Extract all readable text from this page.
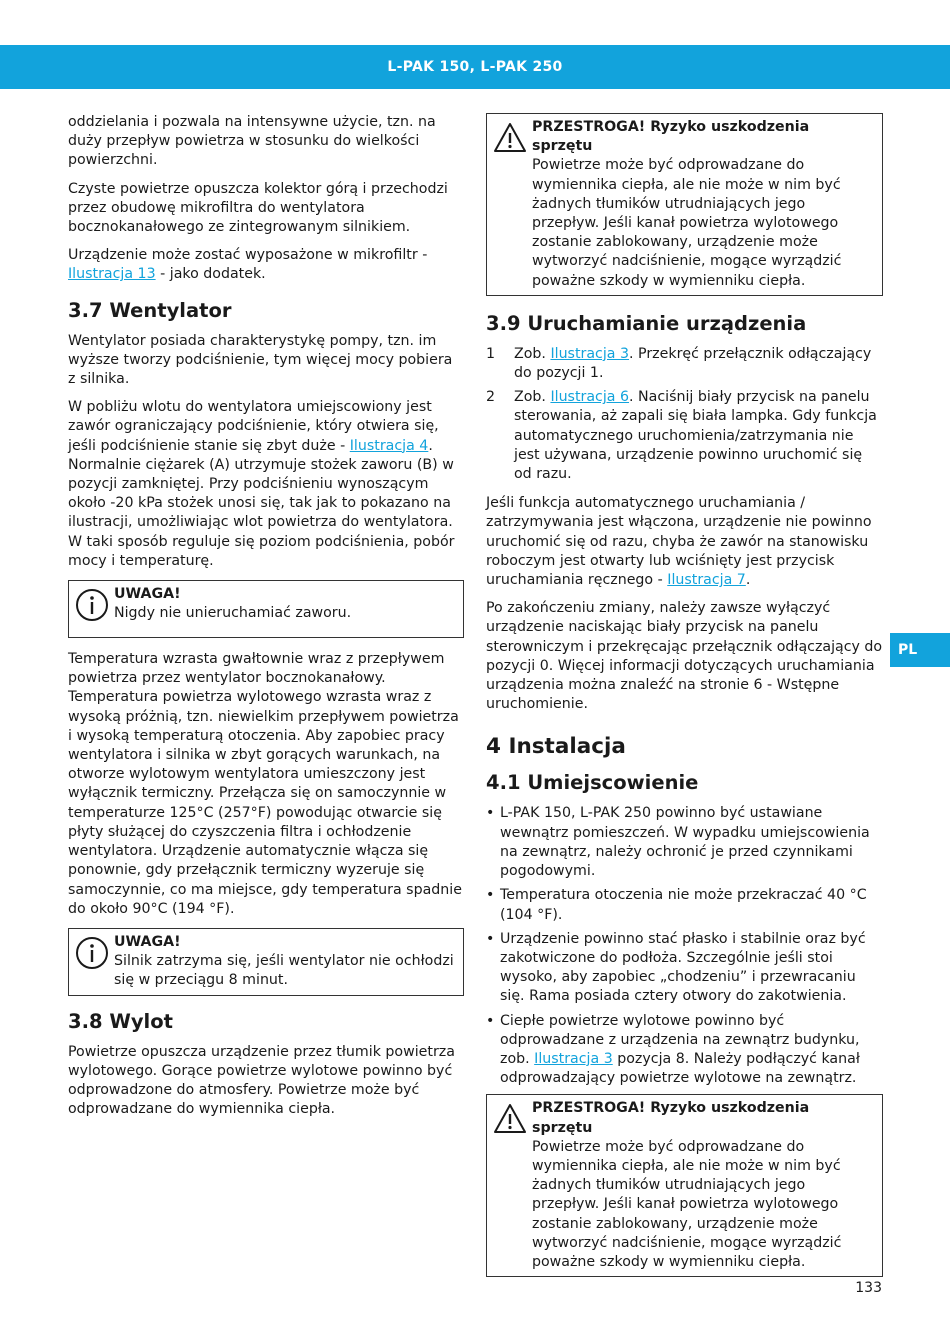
L-PAK 150, L-PAK 250
PL

oddzielania i pozwala na intensywne użycie, tzn. na duży przepływ powietrza w stosunku do wielkości powierzchni.

Czyste powietrze opuszcza kolektor górą i przechodzi przez obudowę mikrofiltra do wentylatora bocznokanałowego ze zintegrowanym silnikiem.

Urządzenie może zostać wyposażone w mikrofiltr - Ilustracja 13 - jako dodatek.

3.7 Wentylator

Wentylator posiada charakterystykę pompy, tzn. im wyższe tworzy podciśnienie, tym więcej mocy pobiera z silnika.

W pobliżu wlotu do wentylatora umiejscowiony jest zawór ograniczający podciśnienie, który otwiera się, jeśli podciśnienie stanie się zbyt duże - Ilustracja 4. Normalnie ciężarek (A) utrzymuje stożek zaworu (B) w pozycji zamkniętej. Przy podciśnieniu wynoszącym około -20 kPa stożek unosi się, tak jak to pokazano na ilustracji, umożliwiając wlot powietrza do wentylatora. W taki sposób reguluje się poziom podciśnienia, pobór mocy i temperaturę.

UWAGA!
Nigdy nie unieruchamiać zaworu.

Temperatura wzrasta gwałtownie wraz z przepływem powietrza przez wentylator bocznokanałowy. Temperatura powietrza wylotowego wzrasta wraz z wysoką próżnią, tzn. niewielkim przepływem powietrza i wysoką temperaturą otoczenia. Aby zapobiec pracy wentylatora i silnika w zbyt gorących warunkach, na otworze wylotowym wentylatora umieszczony jest wyłącznik termiczny. Przełącza się on samoczynnie w temperaturze 125°C (257°F) powodując otwarcie się płyty służącej do czyszczenia filtra i ochłodzenie wentylatora. Urządzenie automatycznie włącza się ponownie, gdy przełącznik termiczny wyzeruje się samoczynnie, co ma miejsce, gdy temperatura spadnie do około 90°C (194 °F).

UWAGA!
Silnik zatrzyma się, jeśli wentylator nie ochłodzi się w przeciągu 8 minut.
3.8 Wylot

Powietrze opuszcza urządzenie przez tłumik powietrza wylotowego. Gorące powietrze wylotowe powinno być odprowadzone do atmosfery. Powietrze może być odprowadzane do wymiennika ciepła.

PRZESTROGA! Ryzyko uszkodzenia sprzętu
Powietrze może być odprowadzane do wymiennika ciepła, ale nie może w nim być żadnych tłumików utrudniających jego przepływ. Jeśli kanał powietrza wylotowego zostanie zablokowany, urządzenie może wytworzyć nadciśnienie, mogące wyrządzić poważne szkody w wymienniku ciepła.
3.9 Uruchamianie urządzenia
1 Zob. Ilustracja 3. Przekręć przełącznik odłączający do pozycji 1.
2 Zob. Ilustracja 6. Naciśnij biały przycisk na panelu sterowania, aż zapali się biała lampka. Gdy funkcja automatycznego uruchomienia/zatrzymania nie jest używana, urządzenie powinno uruchomić się od razu.

Jeśli funkcja automatycznego uruchamiania / zatrzymywania jest włączona, urządzenie nie powinno uruchomić się od razu, chyba że zawór na stanowisku roboczym jest otwarty lub wciśnięty jest przycisk uruchamiania ręcznego - Ilustracja 7.

Po zakończeniu zmiany, należy zawsze wyłączyć urządzenie naciskając biały przycisk na panelu sterowniczym i przekręcając przełącznik odłączający do pozycji 0. Więcej informacji dotyczących uruchamiania urządzenia można znaleźć na stronie 6 - Wstępne uruchomienie.

4 Instalacja
4.1 Umiejscowienie
• L-PAK 150, L-PAK 250 powinno być ustawiane wewnątrz pomieszczeń. W wypadku umiejscowienia na zewnątrz, należy ochronić je przed czynnikami pogodowymi.
• Temperatura otoczenia nie może przekraczać 40 °C (104 °F).
• Urządzenie powinno stać płasko i stabilnie oraz być zakotwiczone do podłoża. Szczególnie jeśli stoi wysoko, aby zapobiec „chodzeniu” i przewracaniu się. Rama posiada cztery otwory do zakotwienia.
• Ciepłe powietrze wylotowe powinno być odprowadzane z urządzenia na zewnątrz budynku, zob. Ilustracja 3 pozycja 8. Należy podłączyć kanał odprowadzający powietrze wylotowe na zewnątrz.
PRZESTROGA! Ryzyko uszkodzenia sprzętu
Powietrze może być odprowadzane do wymiennika ciepła, ale nie może w nim być żadnych tłumików utrudniających jego przepływ. Jeśli kanał powietrza wylotowego zostanie zablokowany, urządzenie może wytworzyć nadciśnienie, mogące wyrządzić poważne szkody w wymienniku ciepła.
133
